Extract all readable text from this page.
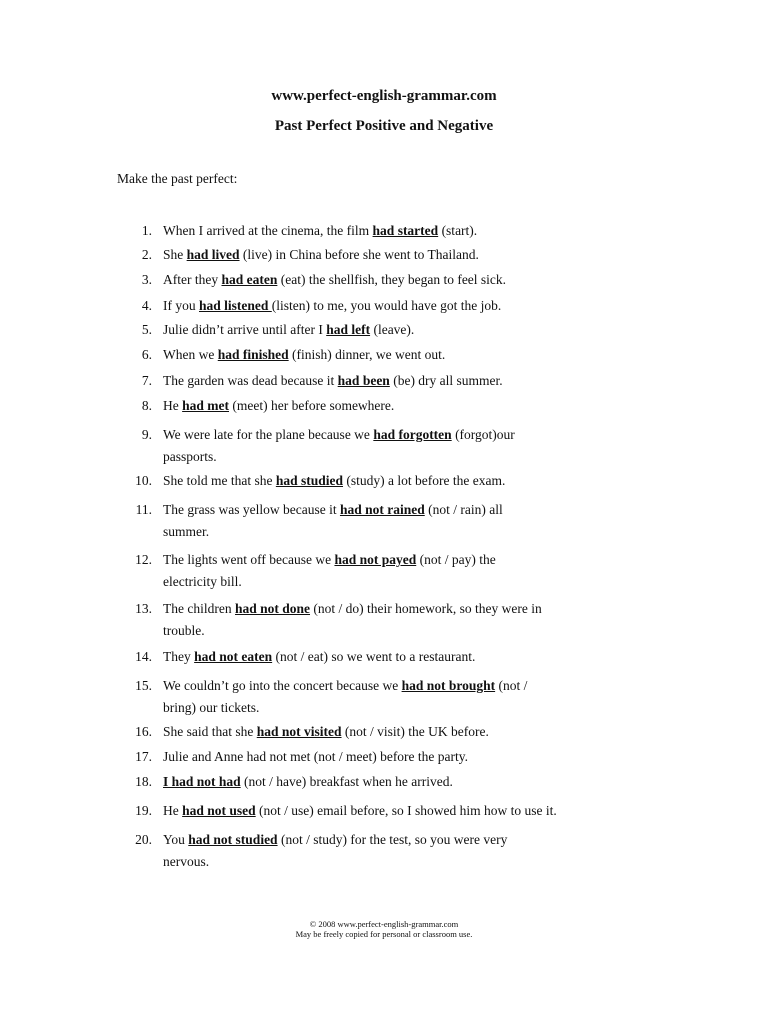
www.perfect-english-grammar.com
Past Perfect Positive and Negative
Make the past perfect:
1. When I arrived at the cinema, the film had started (start).
2. She had lived (live) in China before she went to Thailand.
3. After they had eaten (eat) the shellfish, they began to feel sick.
4. If you had listened (listen) to me, you would have got the job.
5. Julie didn’t arrive until after I had left (leave).
6. When we had finished (finish) dinner, we went out.
7. The garden was dead because it had been (be) dry all summer.
8. He had met (meet) her before somewhere.
9. We were late for the plane because we had forgotten (forgot)our
passports.
10. She told me that she had studied (study) a lot before the exam.
11. The grass was yellow because it had not rained (not / rain) all
summer.
12. The lights went off because we had not payed (not / pay) the
electricity bill.
13. The children had not done (not / do) their homework, so they were in
trouble.
14. They had not eaten (not / eat) so we went to a restaurant.
15. We couldn’t go into the concert because we had not brought (not /
bring) our tickets.
16. She said that she had not visited (not / visit) the UK before.
17. Julie and Anne had not met (not / meet) before the party.
18. I had not had (not / have) breakfast when he arrived.
19. He had not used (not / use) email before, so I showed him how to use it.
20. You had not studied (not / study) for the test, so you were very
nervous.
© 2008 www.perfect-english-grammar.com
May be freely copied for personal or classroom use.
